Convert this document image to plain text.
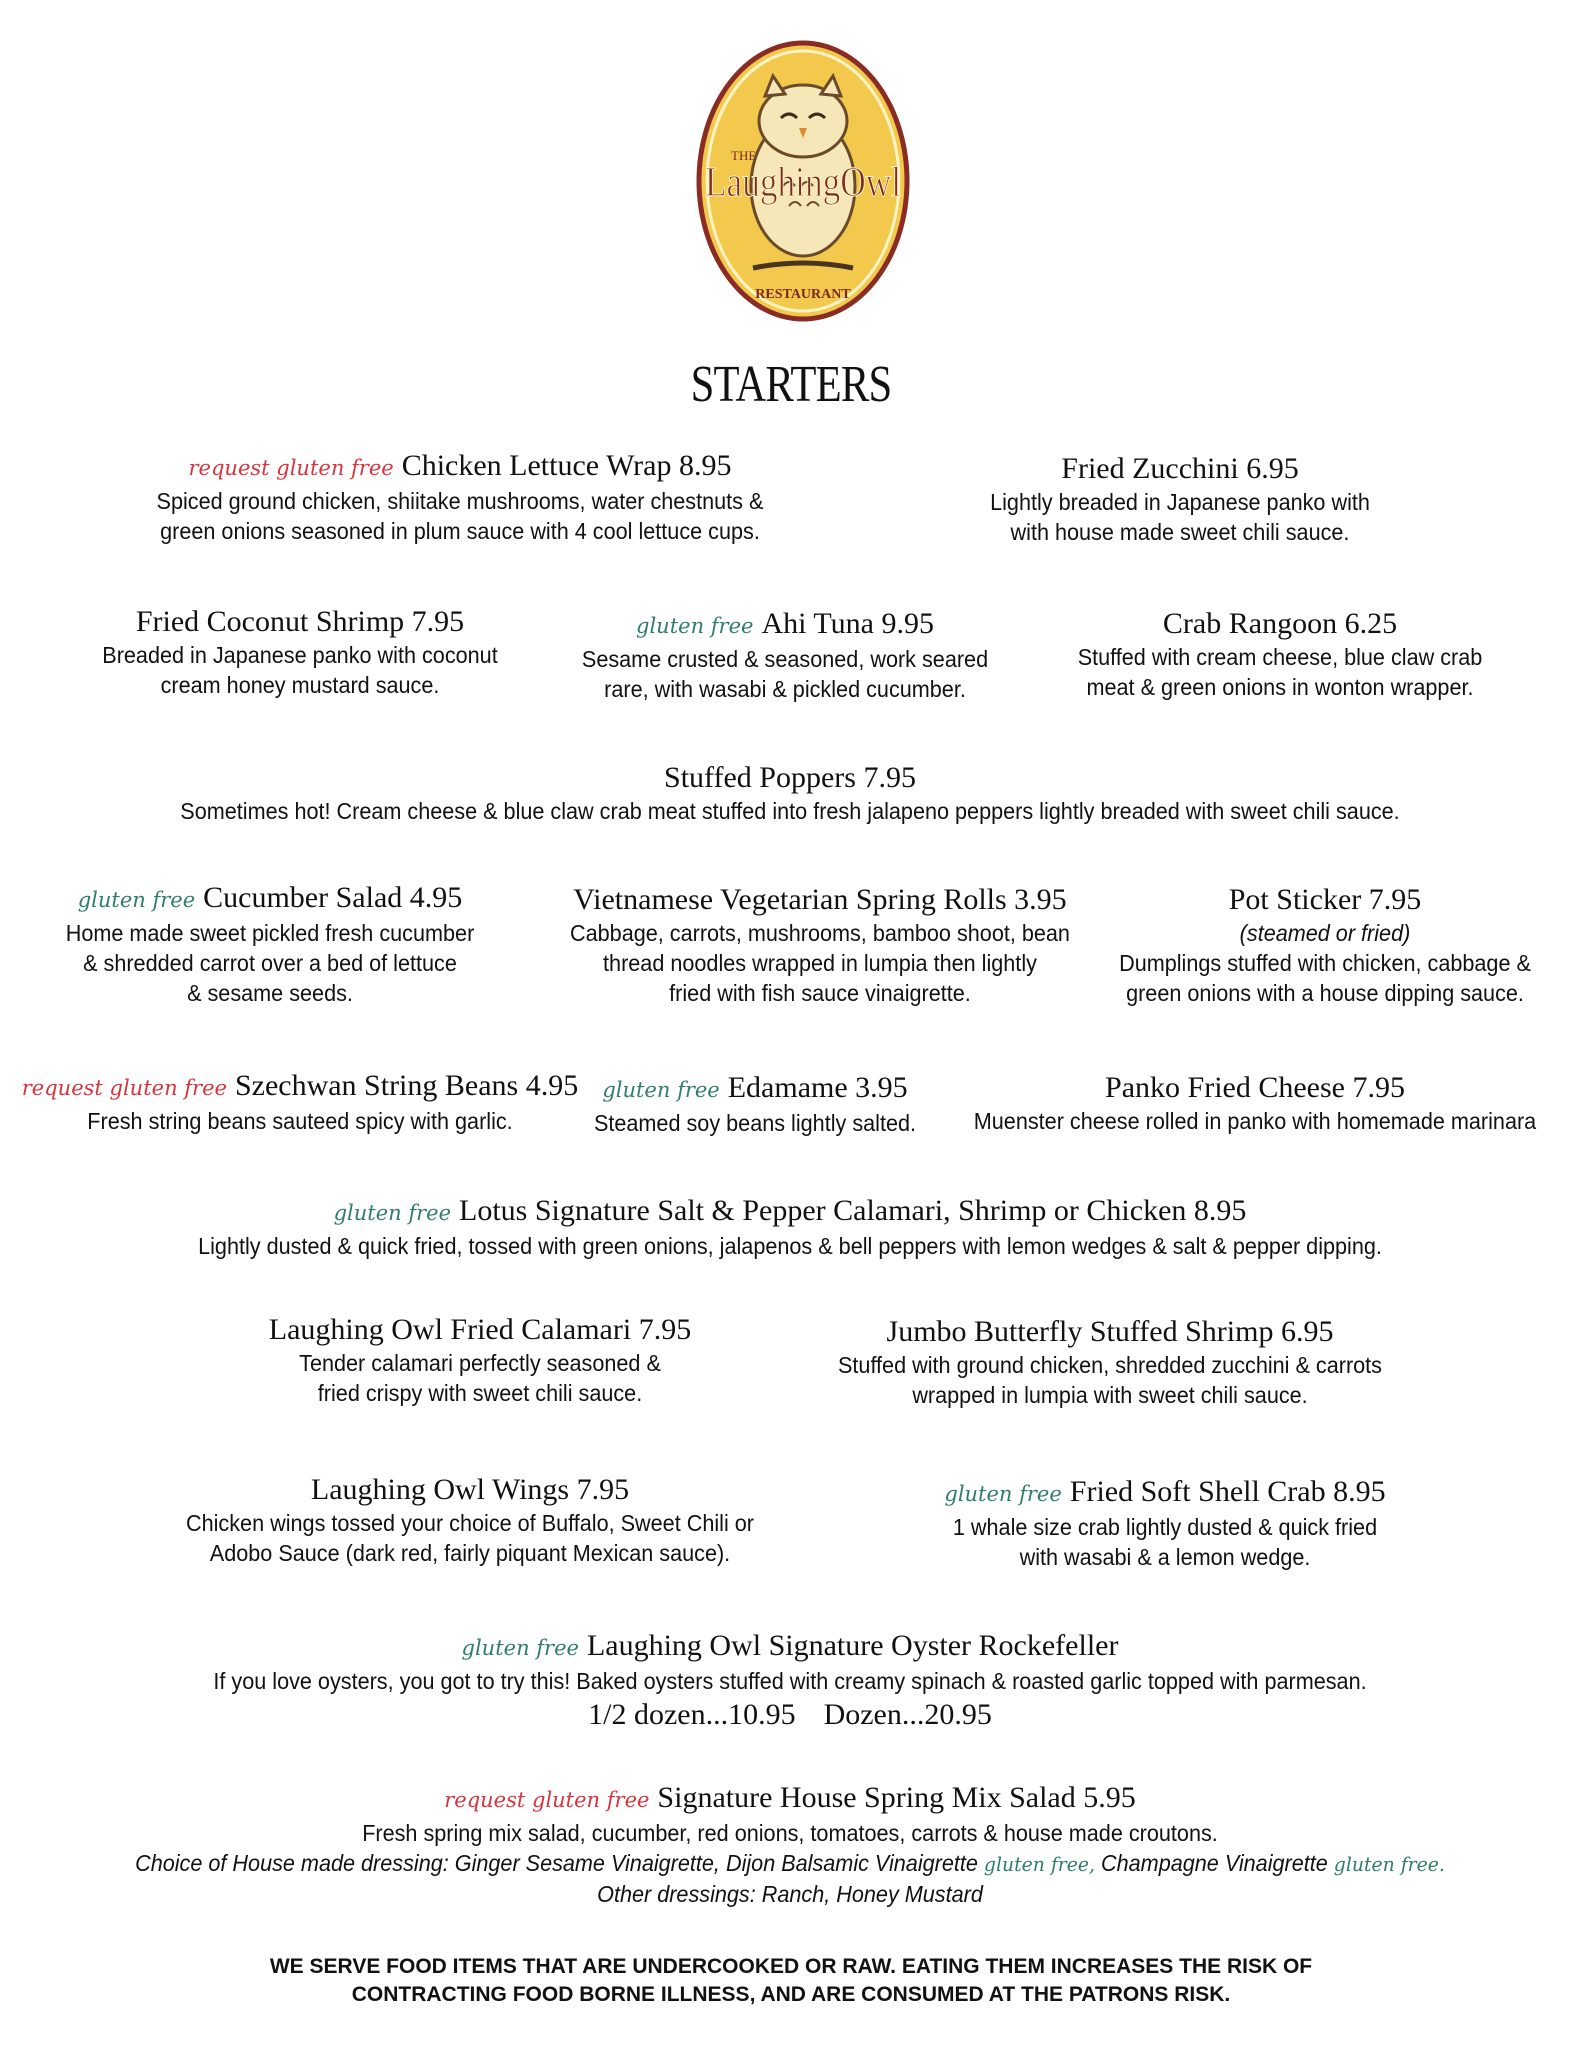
THE
LaughingOwl
RESTAURANT
STARTERS
request gluten free Chicken Lettuce Wrap 8.95
Spiced ground chicken, shiitake mushrooms, water chestnuts &
green onions seasoned in plum sauce with 4 cool lettuce cups.
Fried Zucchini 6.95
Lightly breaded in Japanese panko with
with house made sweet chili sauce.
Fried Coconut Shrimp 7.95
Breaded in Japanese panko with coconut
cream honey mustard sauce.
gluten free Ahi Tuna 9.95
Sesame crusted & seasoned, work seared
rare, with wasabi & pickled cucumber.
Crab Rangoon 6.25
Stuffed with cream cheese, blue claw crab
meat & green onions in wonton wrapper.
Stuffed Poppers 7.95
Sometimes hot! Cream cheese & blue claw crab meat stuffed into fresh jalapeno peppers lightly breaded with sweet chili sauce.
gluten free Cucumber Salad 4.95
Home made sweet pickled fresh cucumber
& shredded carrot over a bed of lettuce
& sesame seeds.
Vietnamese Vegetarian Spring Rolls 3.95
Cabbage, carrots, mushrooms, bamboo shoot, bean
thread noodles wrapped in lumpia then lightly
fried with fish sauce vinaigrette.
Pot Sticker 7.95
(steamed or fried)
Dumplings stuffed with chicken, cabbage &
green onions with a house dipping sauce.
request gluten free Szechwan String Beans 4.95
Fresh string beans sauteed spicy with garlic.
gluten free Edamame 3.95
Steamed soy beans lightly salted.
Panko Fried Cheese 7.95
Muenster cheese rolled in panko with homemade marinara
gluten free Lotus Signature Salt & Pepper Calamari, Shrimp or Chicken 8.95
Lightly dusted & quick fried, tossed with green onions, jalapenos & bell peppers with lemon wedges & salt & pepper dipping.
Laughing Owl Fried Calamari 7.95
Tender calamari perfectly seasoned &
fried crispy with sweet chili sauce.
Jumbo Butterfly Stuffed Shrimp 6.95
Stuffed with ground chicken, shredded zucchini & carrots
wrapped in lumpia with sweet chili sauce.
Laughing Owl Wings 7.95
Chicken wings tossed your choice of Buffalo, Sweet Chili or
Adobo Sauce (dark red, fairly piquant Mexican sauce).
gluten free Fried Soft Shell Crab 8.95
1 whale size crab lightly dusted & quick fried
with wasabi & a lemon wedge.
gluten free Laughing Owl Signature Oyster Rockefeller
If you love oysters, you got to try this! Baked oysters stuffed with creamy spinach & roasted garlic topped with parmesan.
1/2 dozen...10.95 Dozen...20.95
request gluten free Signature House Spring Mix Salad 5.95
Fresh spring mix salad, cucumber, red onions, tomatoes, carrots & house made croutons.
Choice of House made dressing: Ginger Sesame Vinaigrette, Dijon Balsamic Vinaigrette gluten free, Champagne Vinaigrette gluten free.
Other dressings: Ranch, Honey Mustard
WE SERVE FOOD ITEMS THAT ARE UNDERCOOKED OR RAW. EATING THEM INCREASES THE RISK OF
CONTRACTING FOOD BORNE ILLNESS, AND ARE CONSUMED AT THE PATRONS RISK.
